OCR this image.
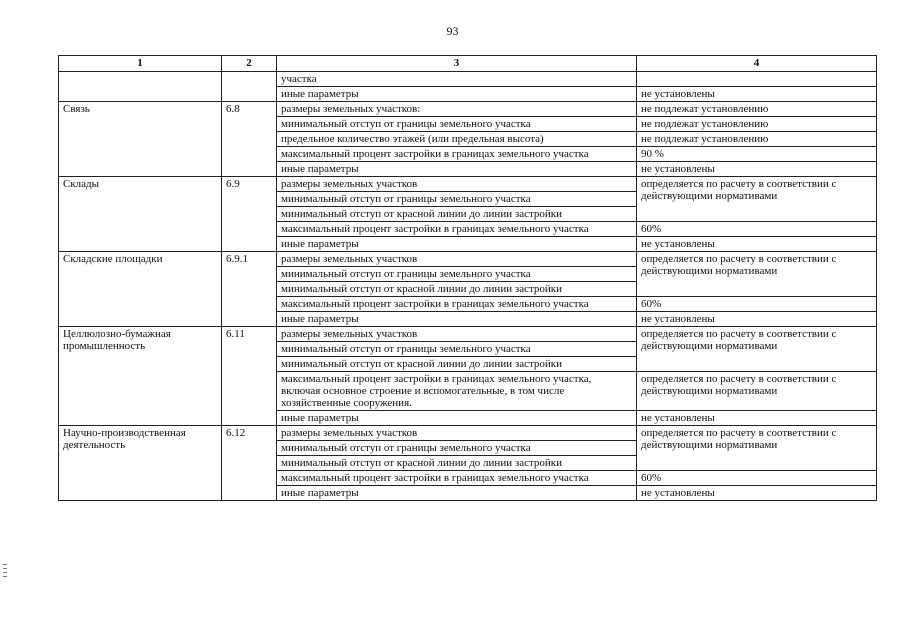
93
1	2	3	4
		участка	
		иные параметры	не установлены
Связь	6.8	размеры земельных участков:	не подлежат установлению
		минимальный отступ от границы земельного участка	не подлежат установлению
		предельное количество этажей (или предельная высота)	не подлежат установлению
		максимальный процент застройки в границах земельного участка	90 %
		иные параметры	не установлены
Склады	6.9	размеры земельных участков	определяется по расчету в соответствии с действующими нормативами
		минимальный отступ от границы земельного участка	
		минимальный отступ от красной линии до линии застройки	
		максимальный процент застройки в границах земельного участка	60%
		иные параметры	не установлены
Складские площадки	6.9.1	размеры земельных участков	определяется по расчету в соответствии с действующими нормативами
		минимальный отступ от границы земельного участка	
		минимальный отступ от красной линии до линии застройки	
		максимальный процент застройки в границах земельного участка	60%
		иные параметры	не установлены
Целлюлозно-бумажная промышленность	6.11	размеры земельных участков	определяется по расчету в соответствии с действующими нормативами
		минимальный отступ от границы земельного участка	
		минимальный отступ от красной линии до линии застройки	
		максимальный процент застройки в границах земельного участка, включая основное строение и вспомогательные, в том числе хозяйственные сооружения.	определяется по расчету в соответствии с действующими нормативами
		иные параметры	не установлены
Научно-производственная деятельность	6.12	размеры земельных участков	определяется по расчету в соответствии с действующими нормативами
		минимальный отступ от границы земельного участка	
		минимальный отступ от красной линии до линии застройки	
		максимальный процент застройки в границах земельного участка	60%
		иные параметры	не установлены
